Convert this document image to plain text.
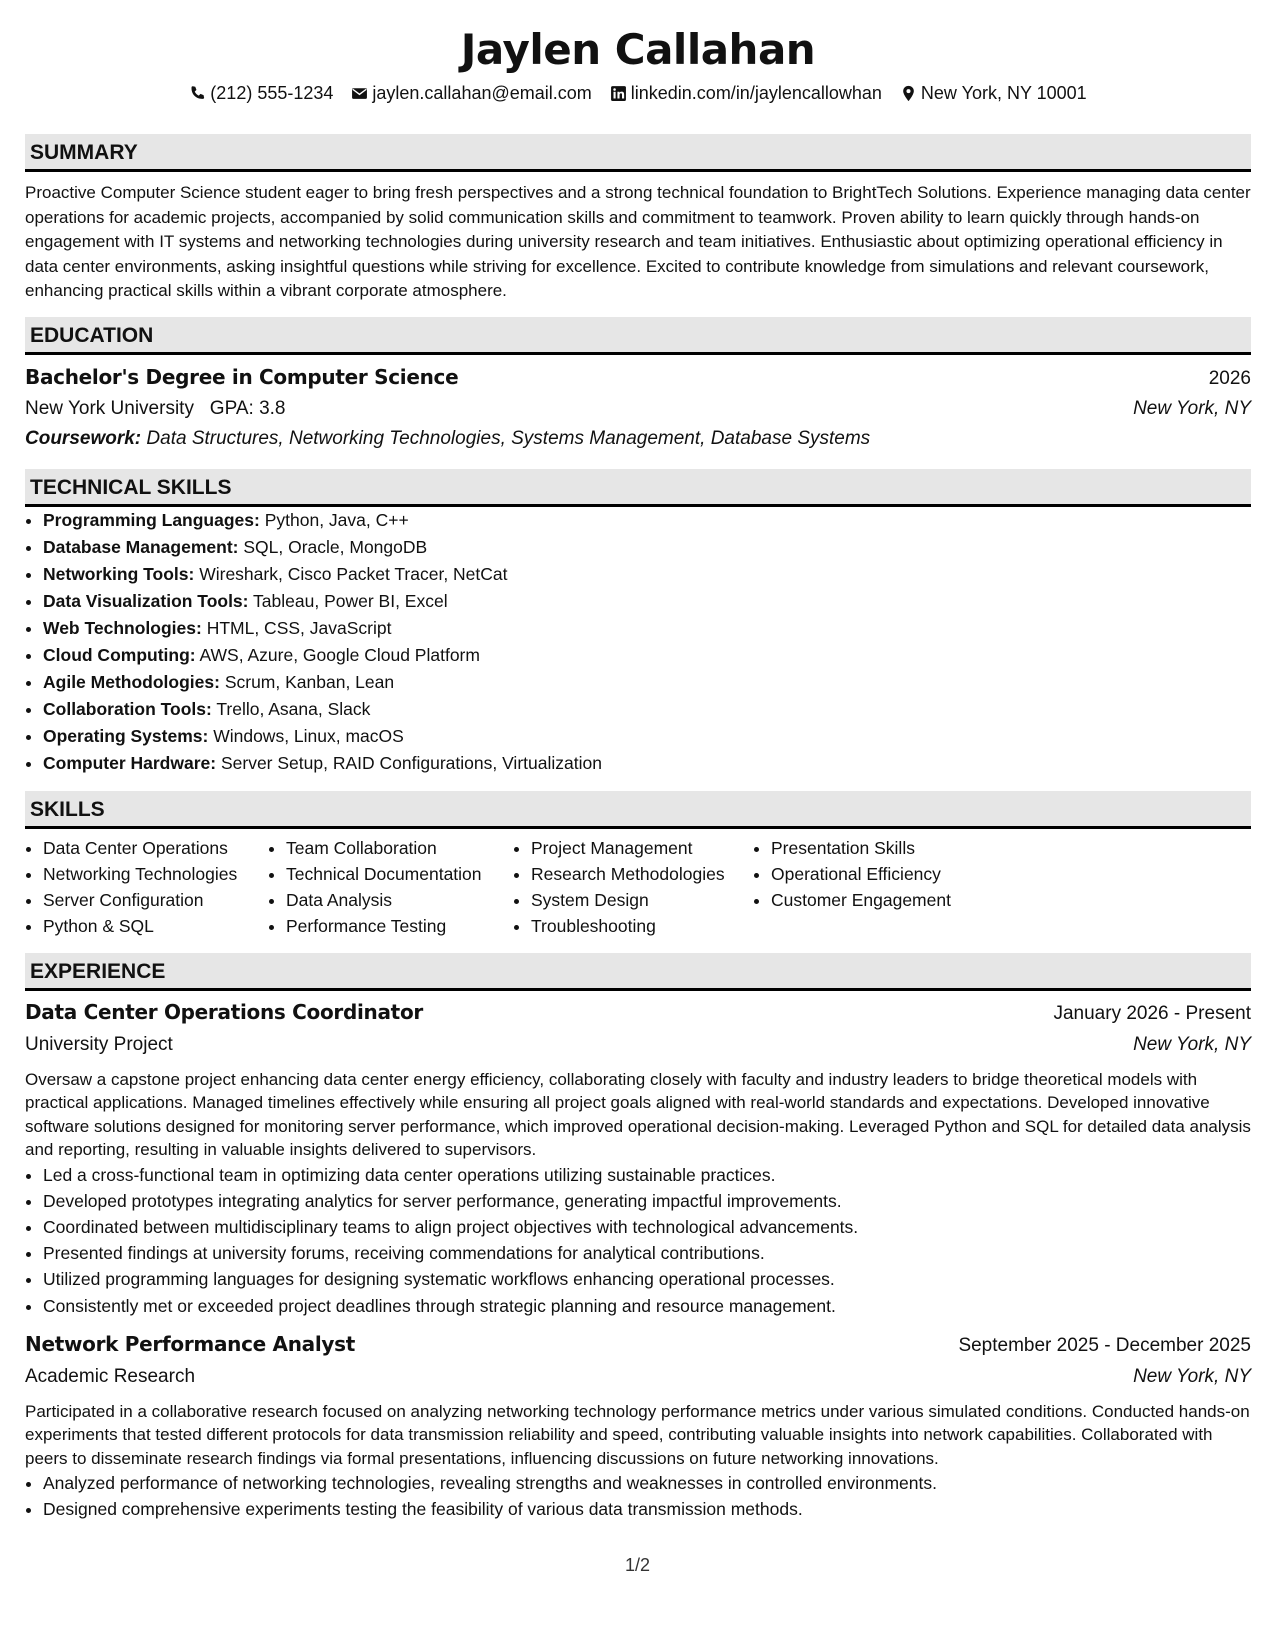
Jaylen Callahan
(212) 555-1234 jaylen.callahan@email.com linkedin.com/in/jaylencallowhan New York, NY 10001
SUMMARY
Proactive Computer Science student eager to bring fresh perspectives and a strong technical foundation to BrightTech Solutions. Experience managing data center operations for academic projects, accompanied by solid communication skills and commitment to teamwork. Proven ability to learn quickly through hands-on engagement with IT systems and networking technologies during university research and team initiatives. Enthusiastic about optimizing operational efficiency in data center environments, asking insightful questions while striving for excellence. Excited to contribute knowledge from simulations and relevant coursework, enhancing practical skills within a vibrant corporate atmosphere.
EDUCATION
Bachelor's Degree in Computer Science	2026
New York University GPA: 3.8	New York, NY
Coursework: Data Structures, Networking Technologies, Systems Management, Database Systems
TECHNICAL SKILLS
• Programming Languages: Python, Java, C++
• Database Management: SQL, Oracle, MongoDB
• Networking Tools: Wireshark, Cisco Packet Tracer, NetCat
• Data Visualization Tools: Tableau, Power BI, Excel
• Web Technologies: HTML, CSS, JavaScript
• Cloud Computing: AWS, Azure, Google Cloud Platform
• Agile Methodologies: Scrum, Kanban, Lean
• Collaboration Tools: Trello, Asana, Slack
• Operating Systems: Windows, Linux, macOS
• Computer Hardware: Server Setup, RAID Configurations, Virtualization
SKILLS
• Data Center Operations
• Networking Technologies
• Server Configuration
• Python & SQL
• Team Collaboration
• Technical Documentation
• Data Analysis
• Performance Testing
• Project Management
• Research Methodologies
• System Design
• Troubleshooting
• Presentation Skills
• Operational Efficiency
• Customer Engagement
EXPERIENCE
Data Center Operations Coordinator	January 2026 - Present
University Project	New York, NY
Oversaw a capstone project enhancing data center energy efficiency, collaborating closely with faculty and industry leaders to bridge theoretical models with practical applications. Managed timelines effectively while ensuring all project goals aligned with real-world standards and expectations. Developed innovative software solutions designed for monitoring server performance, which improved operational decision-making. Leveraged Python and SQL for detailed data analysis and reporting, resulting in valuable insights delivered to supervisors.
• Led a cross-functional team in optimizing data center operations utilizing sustainable practices.
• Developed prototypes integrating analytics for server performance, generating impactful improvements.
• Coordinated between multidisciplinary teams to align project objectives with technological advancements.
• Presented findings at university forums, receiving commendations for analytical contributions.
• Utilized programming languages for designing systematic workflows enhancing operational processes.
• Consistently met or exceeded project deadlines through strategic planning and resource management.
Network Performance Analyst	September 2025 - December 2025
Academic Research	New York, NY
Participated in a collaborative research focused on analyzing networking technology performance metrics under various simulated conditions. Conducted hands-on experiments that tested different protocols for data transmission reliability and speed, contributing valuable insights into network capabilities. Collaborated with peers to disseminate research findings via formal presentations, influencing discussions on future networking innovations.
• Analyzed performance of networking technologies, revealing strengths and weaknesses in controlled environments.
• Designed comprehensive experiments testing the feasibility of various data transmission methods.
1/2
